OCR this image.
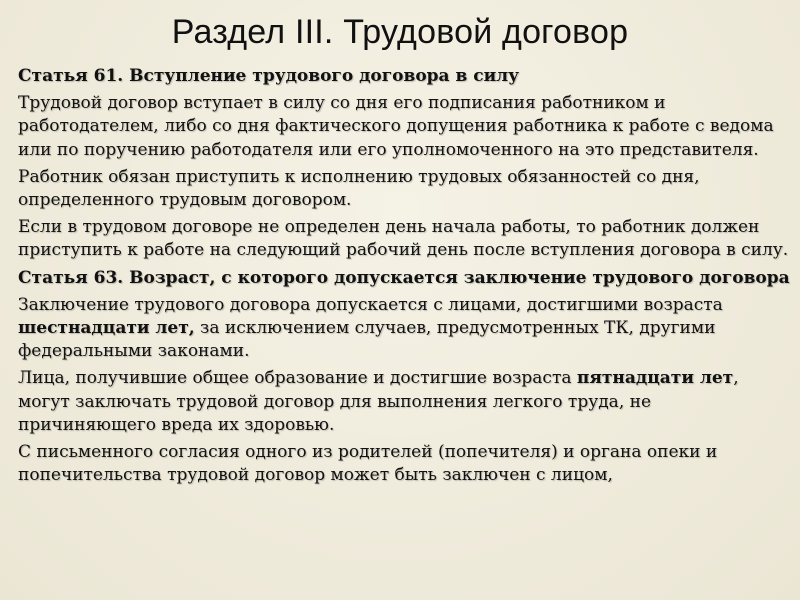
Раздел III. Трудовой договор

Статья 61. Вступление трудового договора в силу

Трудовой договор вступает в силу со дня его подписания работником и работодателем, либо со дня фактического допущения работника к работе с ведома или по поручению работодателя или его уполномоченного на это представителя.

Работник обязан приступить к исполнению трудовых обязанностей со дня, определенного трудовым договором.

Если в трудовом договоре не определен день начала работы, то работник должен приступить к работе на следующий рабочий день после вступления договора в силу.

Статья 63. Возраст, с которого допускается заключение трудового договора

Заключение трудового договора допускается с лицами, достигшими возраста шестнадцати лет, за исключением случаев, предусмотренных ТК, другими федеральными законами.

Лица, получившие общее образование и достигшие возраста пятнадцати лет, могут заключать трудовой договор для выполнения легкого труда, не причиняющего вреда их здоровью.

С письменного согласия одного из родителей (попечителя) и органа опеки и попечительства трудовой договор может быть заключен с лицом,
